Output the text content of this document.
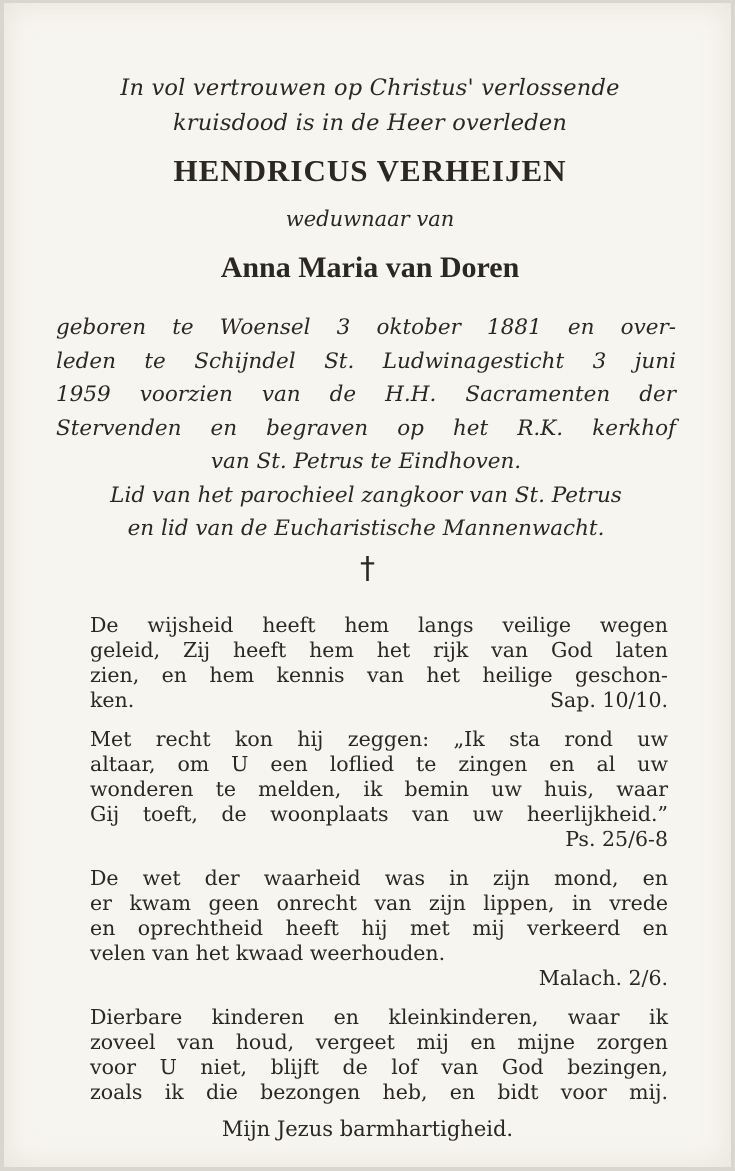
In vol vertrouwen op Christus' verlossende
kruisdood is in de Heer overleden
HENDRICUS VERHEIJEN
weduwnaar van
Anna Maria van Doren
geboren te Woensel 3 oktober 1881 en over-
leden te Schijndel St. Ludwinagesticht 3 juni
1959 voorzien van de H.H. Sacramenten der
Stervenden en begraven op het R.K. kerkhof
van St. Petrus te Eindhoven.
Lid van het parochieel zangkoor van St. Petrus
en lid van de Eucharistische Mannenwacht.
†
De wijsheid heeft hem langs veilige wegen
geleid, Zij heeft hem het rijk van God laten
zien, en hem kennis van het heilige geschon-
ken.	Sap. 10/10.
Met recht kon hij zeggen: „Ik sta rond uw
altaar, om U een loflied te zingen en al uw
wonderen te melden, ik bemin uw huis, waar
Gij toeft, de woonplaats van uw heerlijkheid.”
Ps. 25/6-8
De wet der waarheid was in zijn mond, en
er kwam geen onrecht van zijn lippen, in vrede
en oprechtheid heeft hij met mij verkeerd en
velen van het kwaad weerhouden.
Malach. 2/6.
Dierbare kinderen en kleinkinderen, waar ik
zoveel van houd, vergeet mij en mijne zorgen
voor U niet, blijft de lof van God bezingen,
zoals ik die bezongen heb, en bidt voor mij.
Mijn Jezus barmhartigheid.
